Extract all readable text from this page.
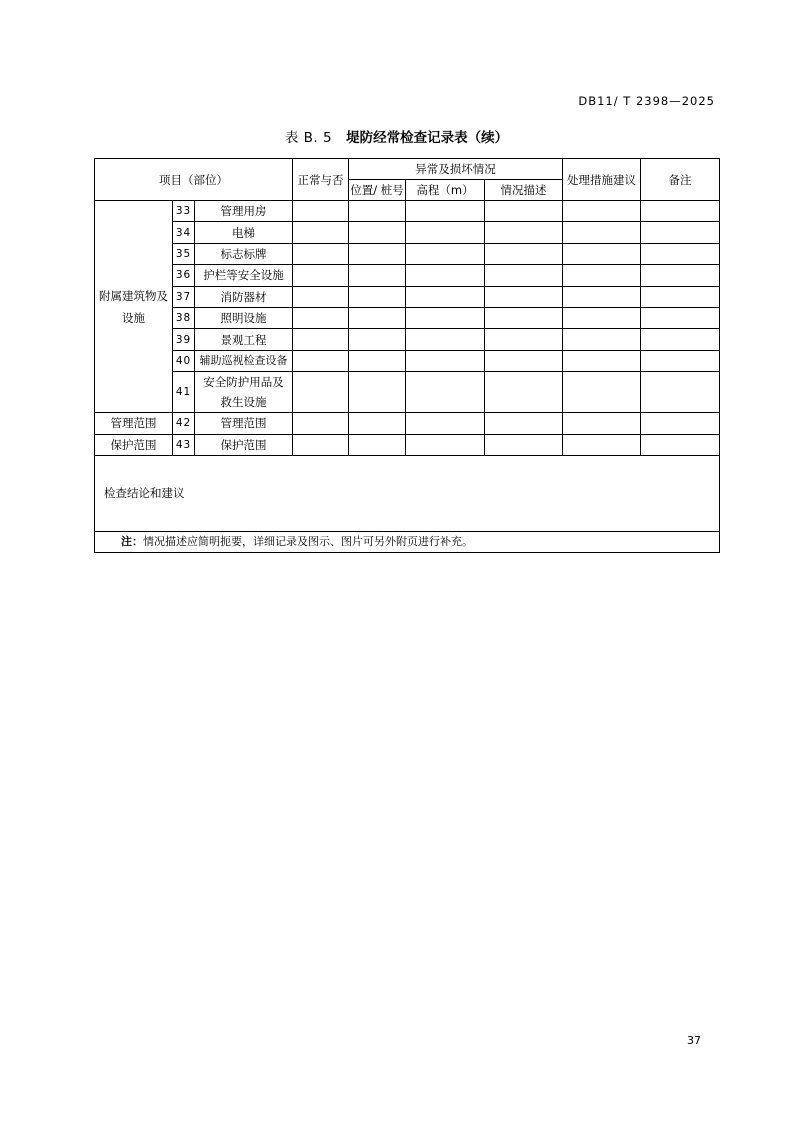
DB11/ T 2398—2025
表 B. 5 堤防经常检查记录表（续）
项目（部位）			正常与否	异常及损坏情况			处理措施建议	备注
				位置/ 桩号	高程（m）	情况描述		
附属建筑物及设施	33	管理用房						
	34	电梯						
	35	标志标牌						
	36	护栏等安全设施						
	37	消防器材						
	38	照明设施						
	39	景观工程						
	40	辅助巡视检查设备						
	41	安全防护用品及救生设施						
管理范围	42	管理范围						
保护范围	43	保护范围						
检查结论和建议								
注：情况描述应简明扼要，详细记录及图示、图片可另外附页进行补充。								
37
